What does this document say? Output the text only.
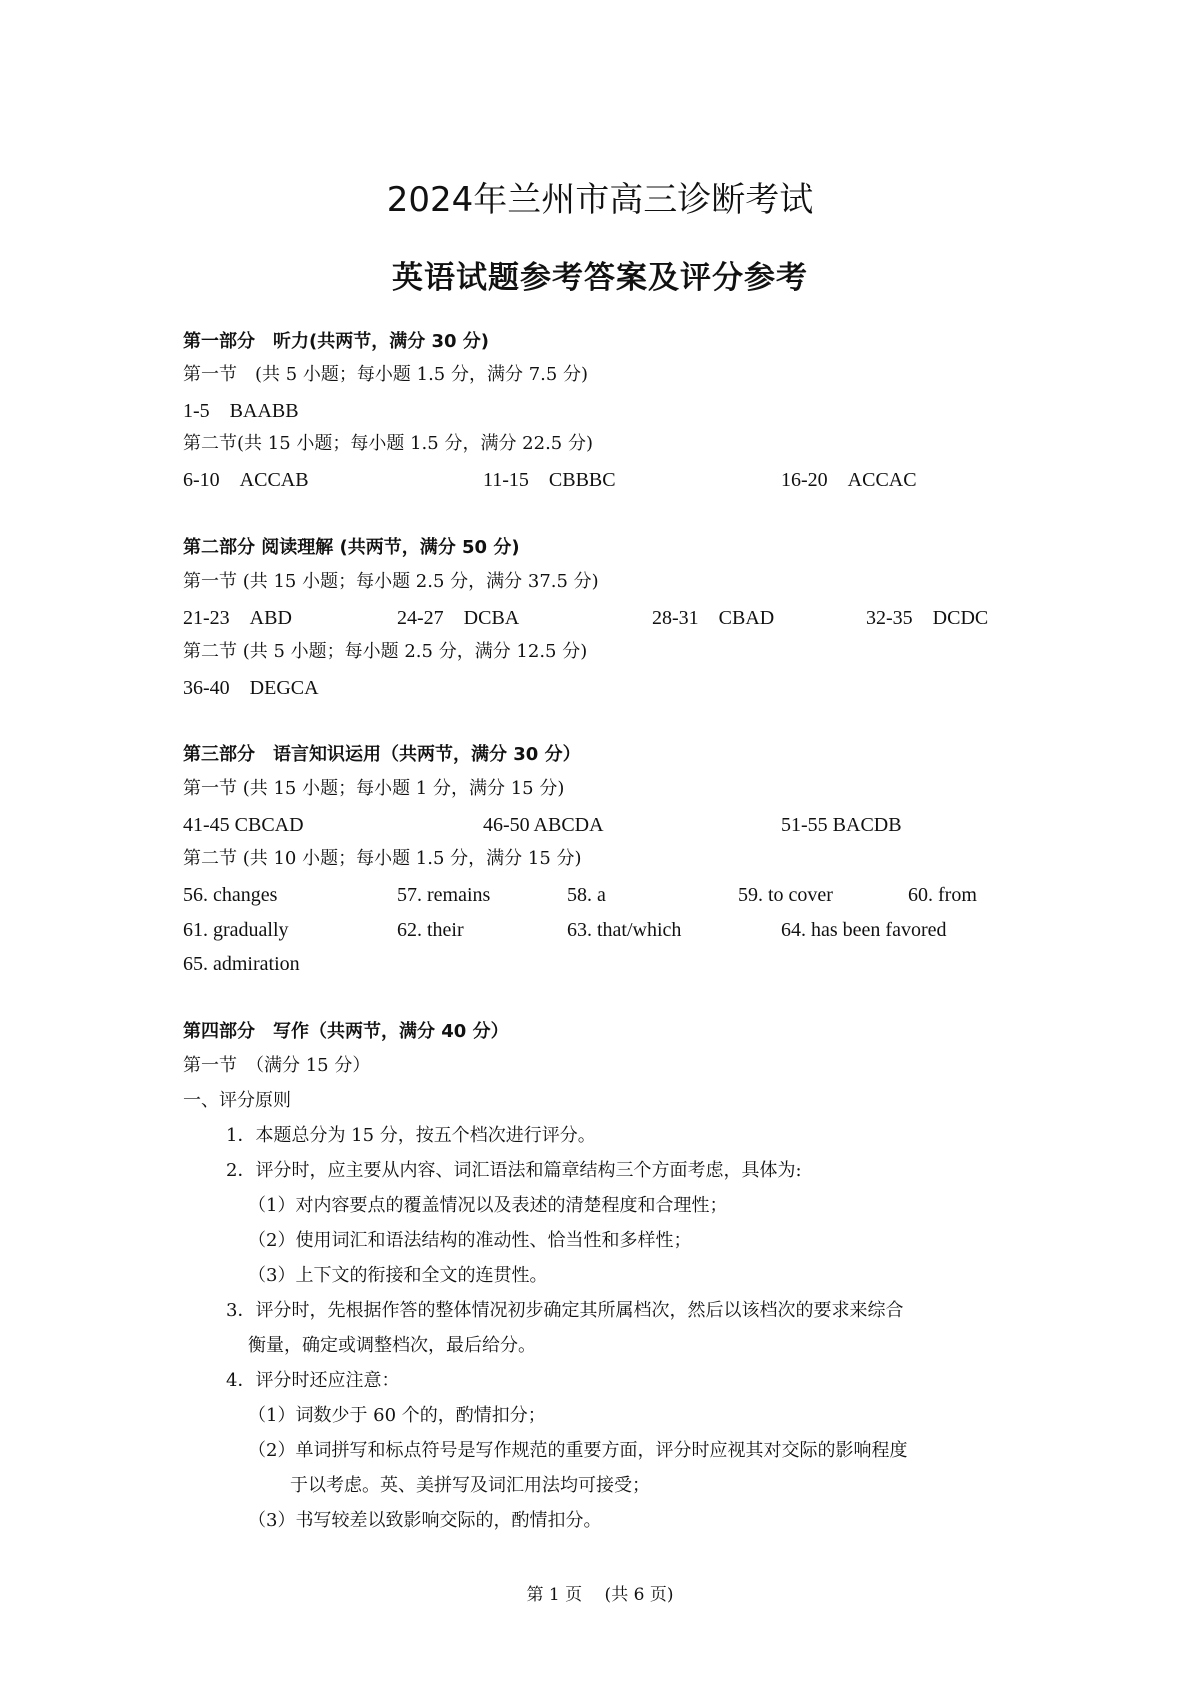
2024年兰州市高三诊断考试
英语试题参考答案及评分参考
第一部分　听力(共两节，满分 30 分)
第一节　(共 5 小题；每小题 1.5 分，满分 7.5 分)
1-5　BAABB
第二节(共 15 小题；每小题 1.5 分，满分 22.5 分)
6-10　ACCAB	11-15　CBBBC	16-20　ACCAC
第二部分 阅读理解 (共两节，满分 50 分)
第一节 (共 15 小题；每小题 2.5 分，满分 37.5 分)
21-23　ABD	24-27　DCBA	28-31　CBAD	32-35　DCDC
第二节 (共 5 小题；每小题 2.5 分，满分 12.5 分)
36-40　DEGCA
第三部分　语言知识运用（共两节，满分 30 分）
第一节 (共 15 小题；每小题 1 分，满分 15 分)
41-45 CBCAD	46-50 ABCDA	51-55 BACDB
第二节 (共 10 小题；每小题 1.5 分，满分 15 分)
56. changes	57. remains	58. a	59. to cover	60. from
61. gradually	62. their	63. that/which	64. has been favored
65. admiration
第四部分　写作（共两节，满分 40 分）
第一节　（满分 15 分）
一、评分原则
1．本题总分为 15 分，按五个档次进行评分。
2．评分时，应主要从内容、词汇语法和篇章结构三个方面考虑，具体为:
（1）对内容要点的覆盖情况以及表述的清楚程度和合理性；
（2）使用词汇和语法结构的准动性、恰当性和多样性；
（3）上下文的衔接和全文的连贯性。
3．评分时，先根据作答的整体情况初步确定其所属档次，然后以该档次的要求来综合
衡量，确定或调整档次，最后给分。
4．评分时还应注意：
（1）词数少于 60 个的，酌情扣分；
（2）单词拼写和标点符号是写作规范的重要方面，评分时应视其对交际的影响程度
于以考虑。英、美拼写及词汇用法均可接受；
（3）书写较差以致影响交际的，酌情扣分。
第 1 页　 (共 6 页)
